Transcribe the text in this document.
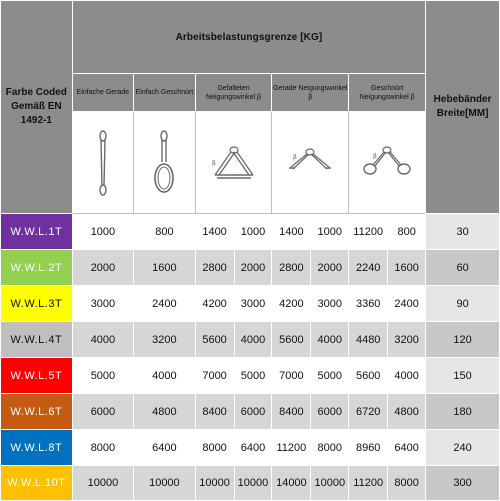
Farbe Coded Gemäß EN 1492-1	Arbeitsbelastungsgrenze [KG]								Hebebänder Breite[MM]
	Einfache Gerade	Einfach Geschnürt	Gefalteten Neigungswinkel β		Gerade Neigungswinkel β		Geschnürt Neigungswinkel β		

β		β		β		

W.W.L.1T	1000	800	1400	1000	1400	1000	11200	800	30
W.W.L.2T	2000	1600	2800	2000	2800	2000	2240	1600	60
W.W.L.3T	3000	2400	4200	3000	4200	3000	3360	2400	90
W.W.L.4T	4000	3200	5600	4000	5600	4000	4480	3200	120
W.W.L.5T	5000	4000	7000	5000	7000	5000	5600	4000	150
W.W.L.6T	6000	4800	8400	6000	8400	6000	6720	4800	180
W.W.L.8T	8000	6400	8000	6400	11200	8000	8960	6400	240
W.W.L.10T	10000	10000	10000	10000	14000	10000	11200	8000	300
